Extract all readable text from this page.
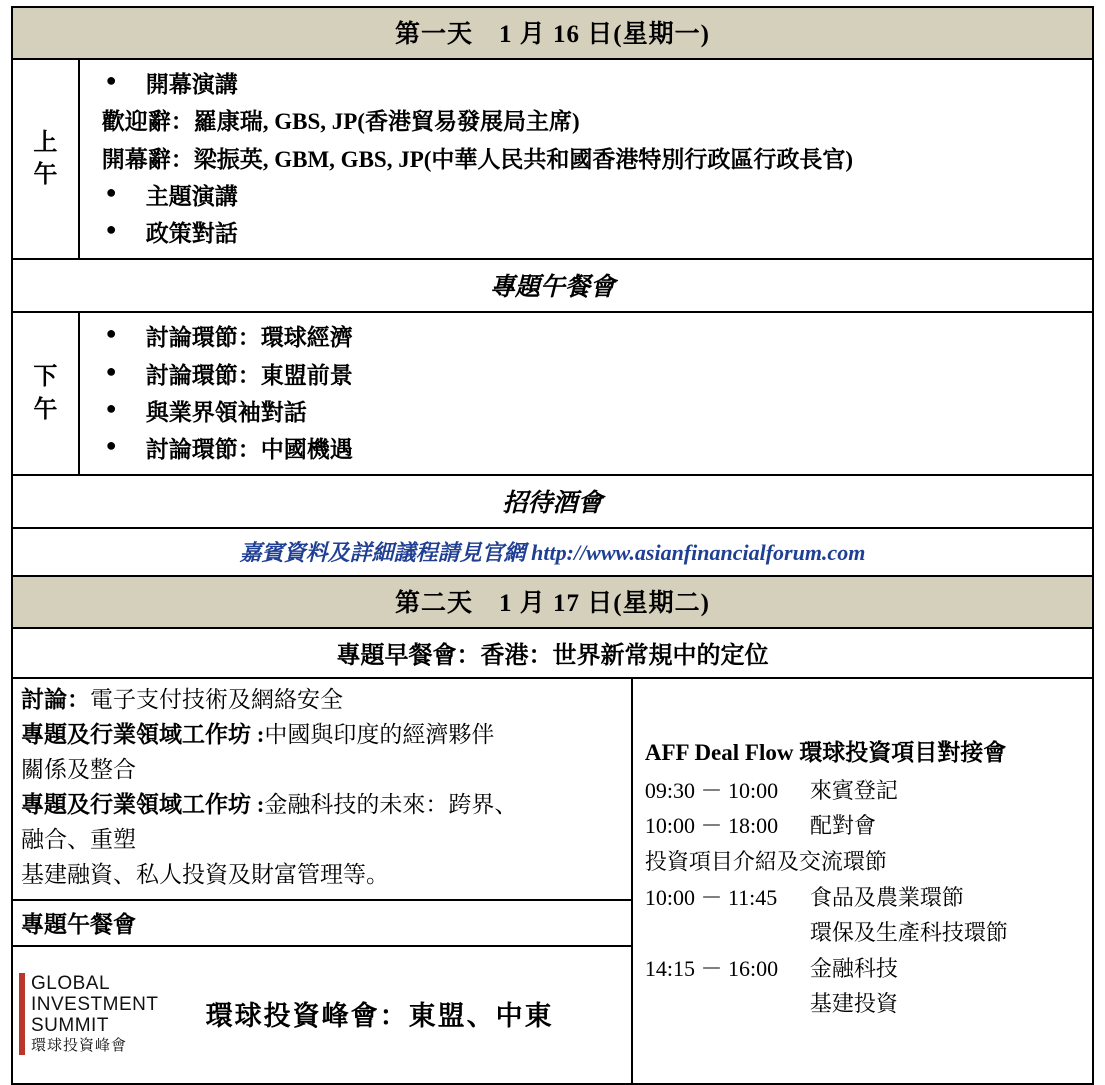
第一天　1 月 16 日(星期一)

上
午

● 開幕演講
歡迎辭：羅康瑞, GBS, JP(香港貿易發展局主席)
開幕辭：梁振英, GBM, GBS, JP(中華人民共和國香港特別行政區行政長官)
● 主題演講
● 政策對話

專題午餐會

下
午

● 討論環節：環球經濟
● 討論環節：東盟前景
● 與業界領袖對話
● 討論環節：中國機遇

招待酒會
嘉賓資料及詳細議程請見官網 http://www.asianfinancialforum.com
第二天　1 月 17 日(星期二)
專題早餐會：香港：世界新常規中的定位

討論：電子支付技術及網絡安全
專題及行業領域工作坊 :中國與印度的經濟夥伴
關係及整合
專題及行業領域工作坊 :金融科技的未來：跨界、
融合、重塑
基建融資、私人投資及財富管理等。

專題午餐會

GLOBAL
INVESTMENT
SUMMIT
環球投資峰會
環球投資峰會：東盟、中東

AFF Deal Flow 環球投資項目對接會
09:30 － 10:00	來賓登記
10:00 － 18:00	配對會
投資項目介紹及交流環節
10:00 － 11:45	食品及農業環節
環保及生產科技環節
14:15 － 16:00	金融科技
基建投資
